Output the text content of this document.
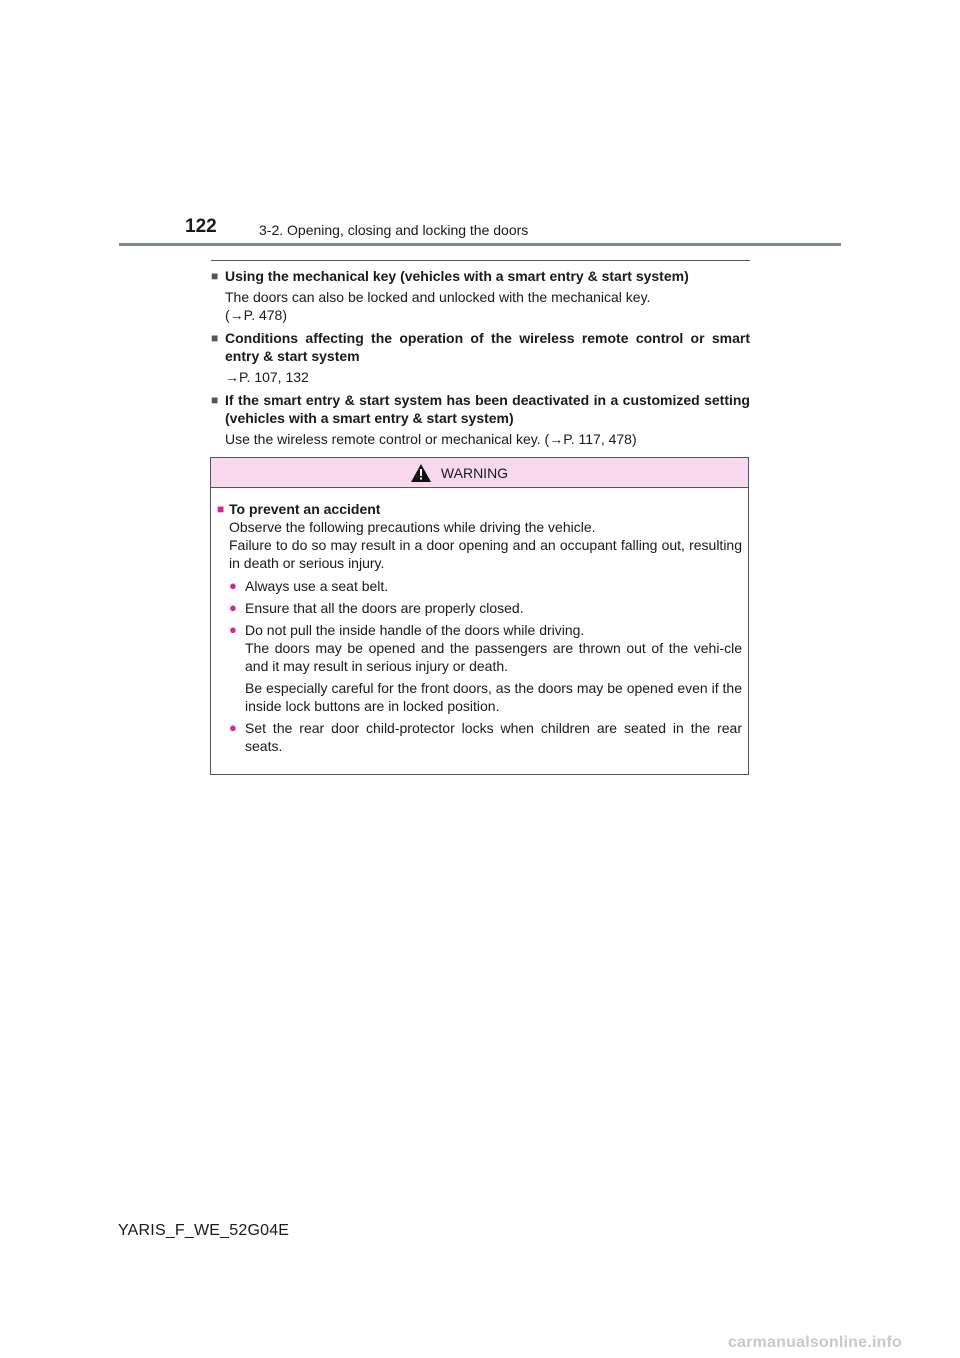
122	3-2. Opening, closing and locking the doors
■ Using the mechanical key (vehicles with a smart entry & start system)

The doors can also be locked and unlocked with the mechanical key.

(→P. 478)

■ Conditions affecting the operation of the wireless remote control or smart entry & start system

→P. 107, 132

■ If the smart entry & start system has been deactivated in a customized setting (vehicles with a smart entry & start system)

Use the wireless remote control or mechanical key. (→P. 117, 478)

WARNING
■ To prevent an accident

Observe the following precautions while driving the vehicle.

Failure to do so may result in a door opening and an occupant falling out, resulting in death or serious injury.

● Always use a seat belt.

● Ensure that all the doors are properly closed.

● Do not pull the inside handle of the doors while driving.

The doors may be opened and the passengers are thrown out of the vehi-cle and it may result in serious injury or death.

Be especially careful for the front doors, as the doors may be opened even if the inside lock buttons are in locked position.

● Set the rear door child-protector locks when children are seated in the rear seats.

YARIS_F_WE_52G04E
carmanualsonline.info
